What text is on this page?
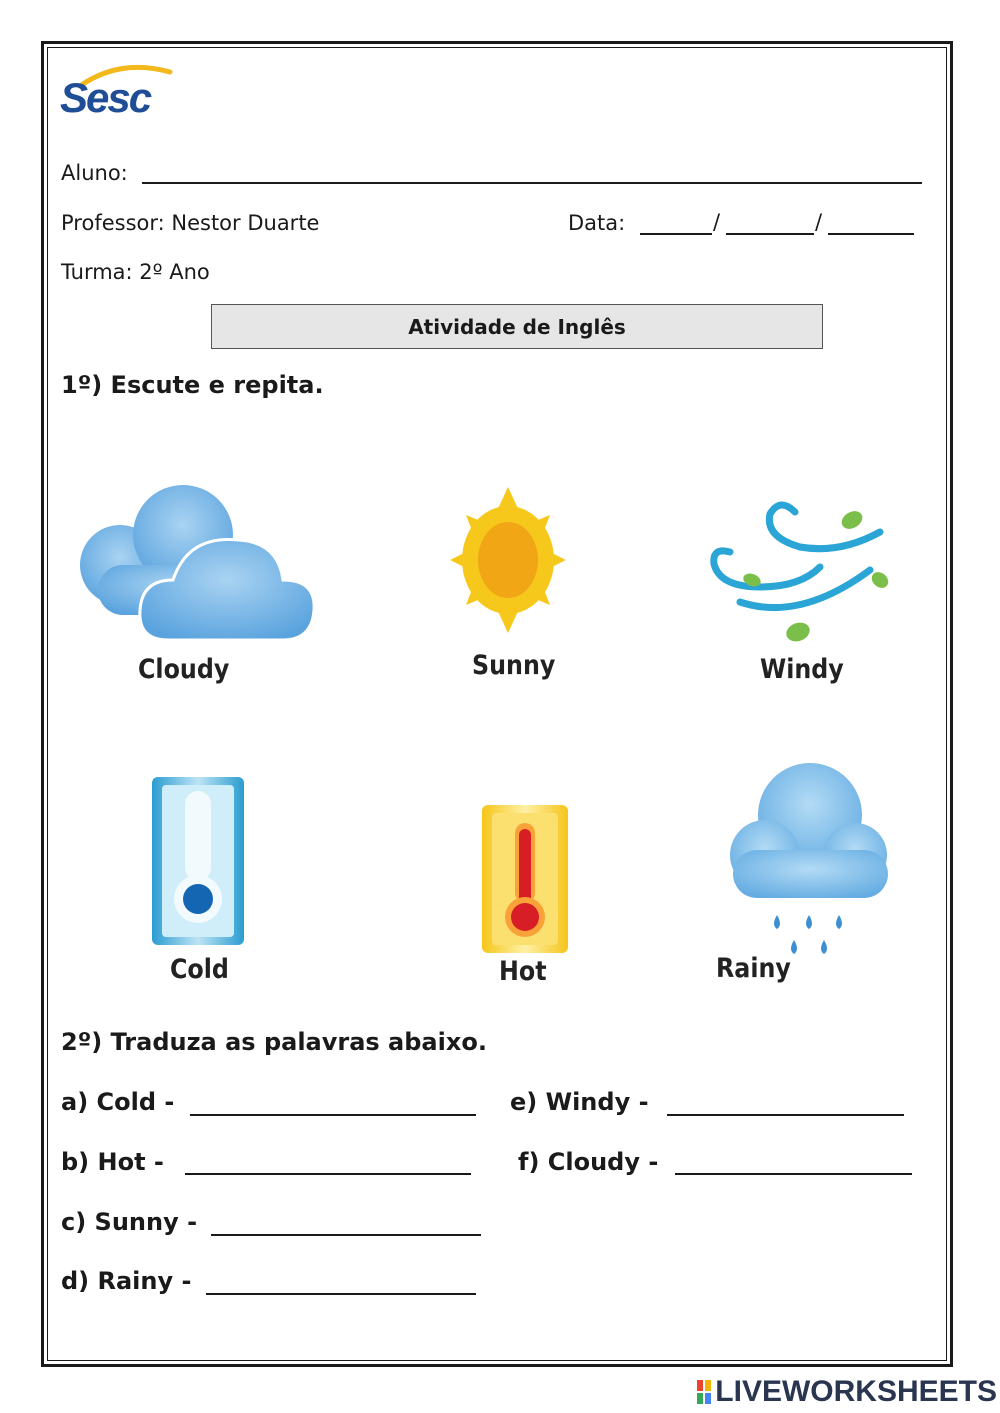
Sesc
Aluno:
Professor: Nestor Duarte	Data:	/	/
Turma: 2º Ano
Atividade de Inglês
1º) Escute e repita.
Cloudy	Sunny	Windy
Cold	Hot	Rainy
2º) Traduza as palavras abaixo.
a) Cold -
b) Hot -
c) Sunny -
d) Rainy -
e) Windy -
f) Cloudy -
LIVEWORKSHEETS
